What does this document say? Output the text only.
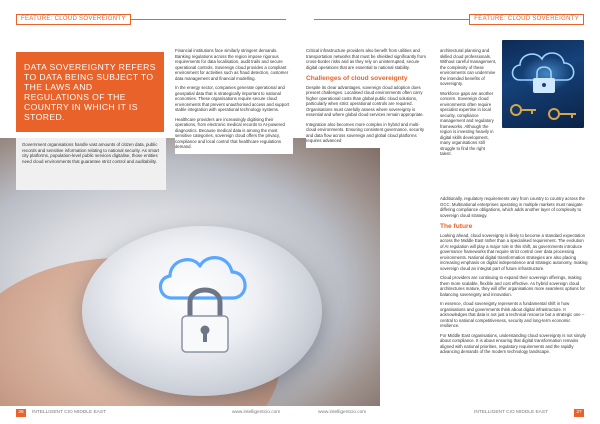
FEATURE: CLOUD SOVEREIGNTY	FEATURE: CLOUD SOVEREIGNTY

DATA SOVEREIGNTY REFERS TO DATA BEING SUBJECT TO THE LAWS AND REGULATIONS OF THE COUNTRY IN WHICH IT IS STORED.

Government organisations handle vast amounts of citizen data, public records and sensitive information relating to national security. As smart city platforms, population-level public services digitalise, those entities need cloud environments that guarantee strict control and auditability.

Financial institutions face similarly stringent demands. Banking regulations across the region impose rigorous requirements for data localisation, audit trails and secure operational controls. Sovereign cloud provides a compliant environment for activities such as fraud detection, customer data management and financial modelling.

In the energy sector, companies generate operational and geospatial data that is strategically important to national economies. These organisations require secure cloud environments that prevent unauthorised access and support stable integration with operational technology systems.

Healthcare providers are increasingly digitising their operations, from electronic medical records to AI-powered diagnostics. Because medical data is among the most sensitive categories, sovereign cloud offers the privacy, compliance and local control that healthcare regulations demand.

Critical infrastructure providers also benefit from utilities and transportation networks that must be shielded significantly from cross-border risks and as they rely on uninterrupted, secure digital operations that are essential to national stability.

Challenges of cloud sovereignty

Despite its clear advantages, sovereign cloud adoption does present challenges. Localised cloud environments often carry higher operational costs than global public cloud solutions, particularly when strict operational controls are required. Organisations must carefully assess where sovereignty is essential and where global cloud services remain appropriate.

Integration also becomes more complex in hybrid and multi-cloud environments. Ensuring consistent governance, security and data flow across sovereign and global cloud platforms requires advanced

architectural planning and skilled cloud professionals. Without careful management, the complexity of these environments can undermine the intended benefits of sovereignty.

Workforce gaps are another concern. Sovereign cloud environments often require specialist expertise in local security, compliance management and regulatory frameworks. Although the region is investing heavily in digital skills development, many organisations still struggle to find the right talent.

Additionally, regulatory requirements vary from country to country across the GCC. Multinational enterprises operating in multiple markets must navigate differing compliance obligations, which adds another layer of complexity to sovereign cloud strategy.

The future

Looking ahead, cloud sovereignty is likely to become a standard expectation across the Middle East rather than a specialised requirement. The evolution of AI regulation will play a major role in this shift, as governments introduce governance frameworks that require strict control over data processing environments. National digital transformation strategies are also placing increasing emphasis on digital independence and strategic autonomy, making sovereign cloud an integral part of future infrastructure.

Cloud providers are continuing to expand their sovereign offerings, making them more scalable, flexible and cost effective. As hybrid sovereign cloud architectures mature, they will offer organisations more seamless options for balancing sovereignty and innovation.

In essence, cloud sovereignty represents a fundamental shift in how organisations and governments think about digital infrastructure. It acknowledges that data is not just a technical resource but a strategic one – central to national competitiveness, security and long-term economic resilience.

For Middle East organisations, understanding cloud sovereignty is not simply about compliance. It is about ensuring that digital transformation remains aligned with national priorities, regulatory requirements and the rapidly advancing demands of the modern technology landscape.

26	INTELLIGENT CIO MIDDLE EAST	www.intelligentcio.com	www.intelligentcio.com	INTELLIGENT CIO MIDDLE EAST	27
